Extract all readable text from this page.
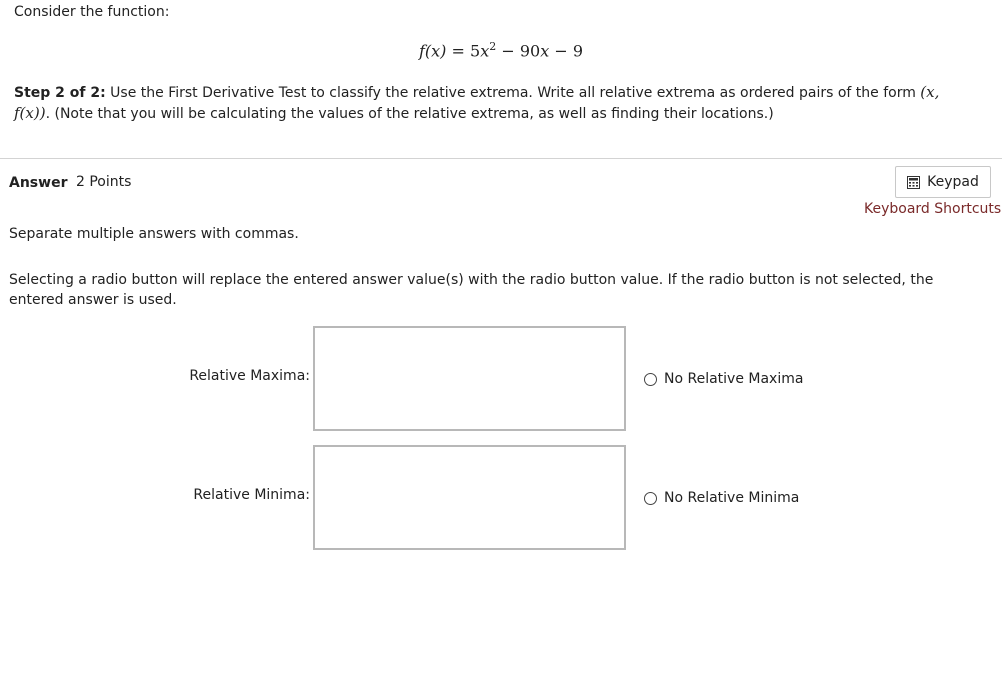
Consider the function:
$f(x) = 5x^2 - 90x - 9$
Step 2 of 2: Use the First Derivative Test to classify the relative extrema. Write all relative extrema as ordered pairs of the form (x, f(x)). (Note that you will be calculating the values of the relative extrema, as well as finding their locations.)
Answer 2 Points	Keypad
Keyboard Shortcuts
Separate multiple answers with commas.
Selecting a radio button will replace the entered answer value(s) with the radio button value. If the radio button is not selected, the entered answer is used.
Relative Maxima:	No Relative Maxima
Relative Minima:	No Relative Minima
